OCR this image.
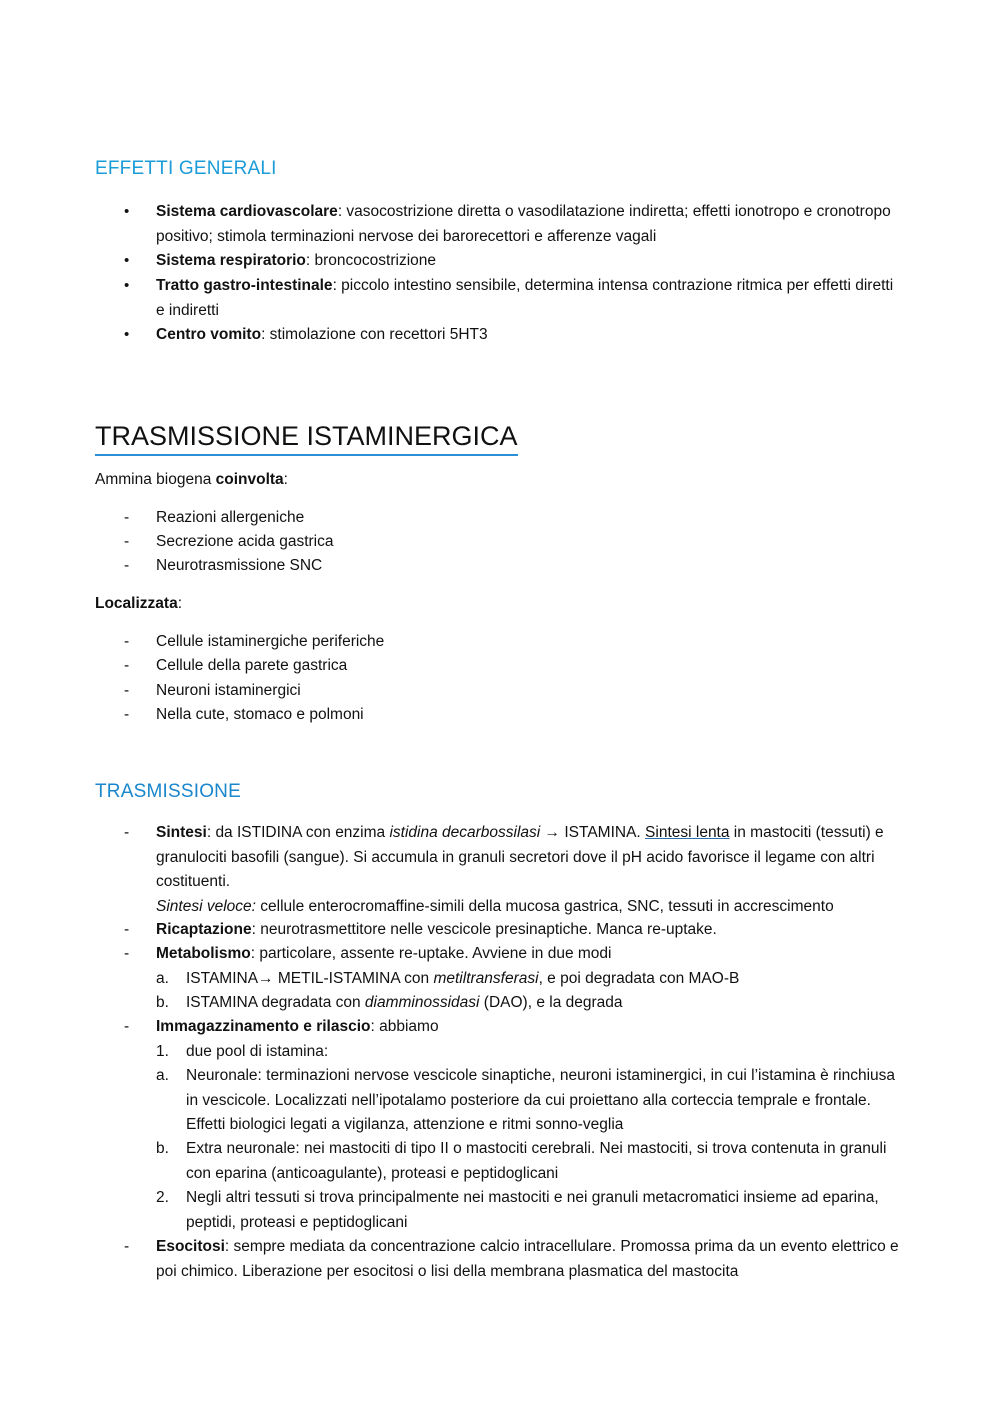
EFFETTI GENERALI
• Sistema cardiovascolare: vasocostrizione diretta o vasodilatazione indiretta; effetti ionotropo e cronotropo positivo; stimola terminazioni nervose dei barorecettori e afferenze vagali
• Sistema respiratorio: broncocostrizione
• Tratto gastro-intestinale: piccolo intestino sensibile, determina intensa contrazione ritmica per effetti diretti e indiretti
• Centro vomito: stimolazione con recettori 5HT3
TRASMISSIONE ISTAMINERGICA
Ammina biogena coinvolta:
- Reazioni allergeniche
- Secrezione acida gastrica
- Neurotrasmissione SNC
Localizzata:
- Cellule istaminergiche periferiche
- Cellule della parete gastrica
- Neuroni istaminergici
- Nella cute, stomaco e polmoni
TRASMISSIONE
- Sintesi: da ISTIDINA con enzima istidina decarbossilasi → ISTAMINA. Sintesi lenta in mastociti (tessuti) e granulociti basofili (sangue). Si accumula in granuli secretori dove il pH acido favorisce il legame con altri costituenti.
Sintesi veloce: cellule enterocromaffine-simili della mucosa gastrica, SNC, tessuti in accrescimento
- Ricaptazione: neurotrasmettitore nelle vescicole presinaptiche. Manca re-uptake.
- Metabolismo: particolare, assente re-uptake. Avviene in due modi
a. ISTAMINA→ METIL-ISTAMINA con metiltransferasi, e poi degradata con MAO-B
b. ISTAMINA degradata con diamminossidasi (DAO), e la degrada
- Immagazzinamento e rilascio: abbiamo
1. due pool di istamina:
a. Neuronale: terminazioni nervose vescicole sinaptiche, neuroni istaminergici, in cui l’istamina è rinchiusa in vescicole. Localizzati nell’ipotalamo posteriore da cui proiettano alla corteccia temprale e frontale. Effetti biologici legati a vigilanza, attenzione e ritmi sonno-veglia
b. Extra neuronale: nei mastociti di tipo II o mastociti cerebrali. Nei mastociti, si trova contenuta in granuli con eparina (anticoagulante), proteasi e peptidoglicani
2. Negli altri tessuti si trova principalmente nei mastociti e nei granuli metacromatici insieme ad eparina, peptidi, proteasi e peptidoglicani
- Esocitosi: sempre mediata da concentrazione calcio intracellulare. Promossa prima da un evento elettrico e poi chimico. Liberazione per esocitosi o lisi della membrana plasmatica del mastocita
